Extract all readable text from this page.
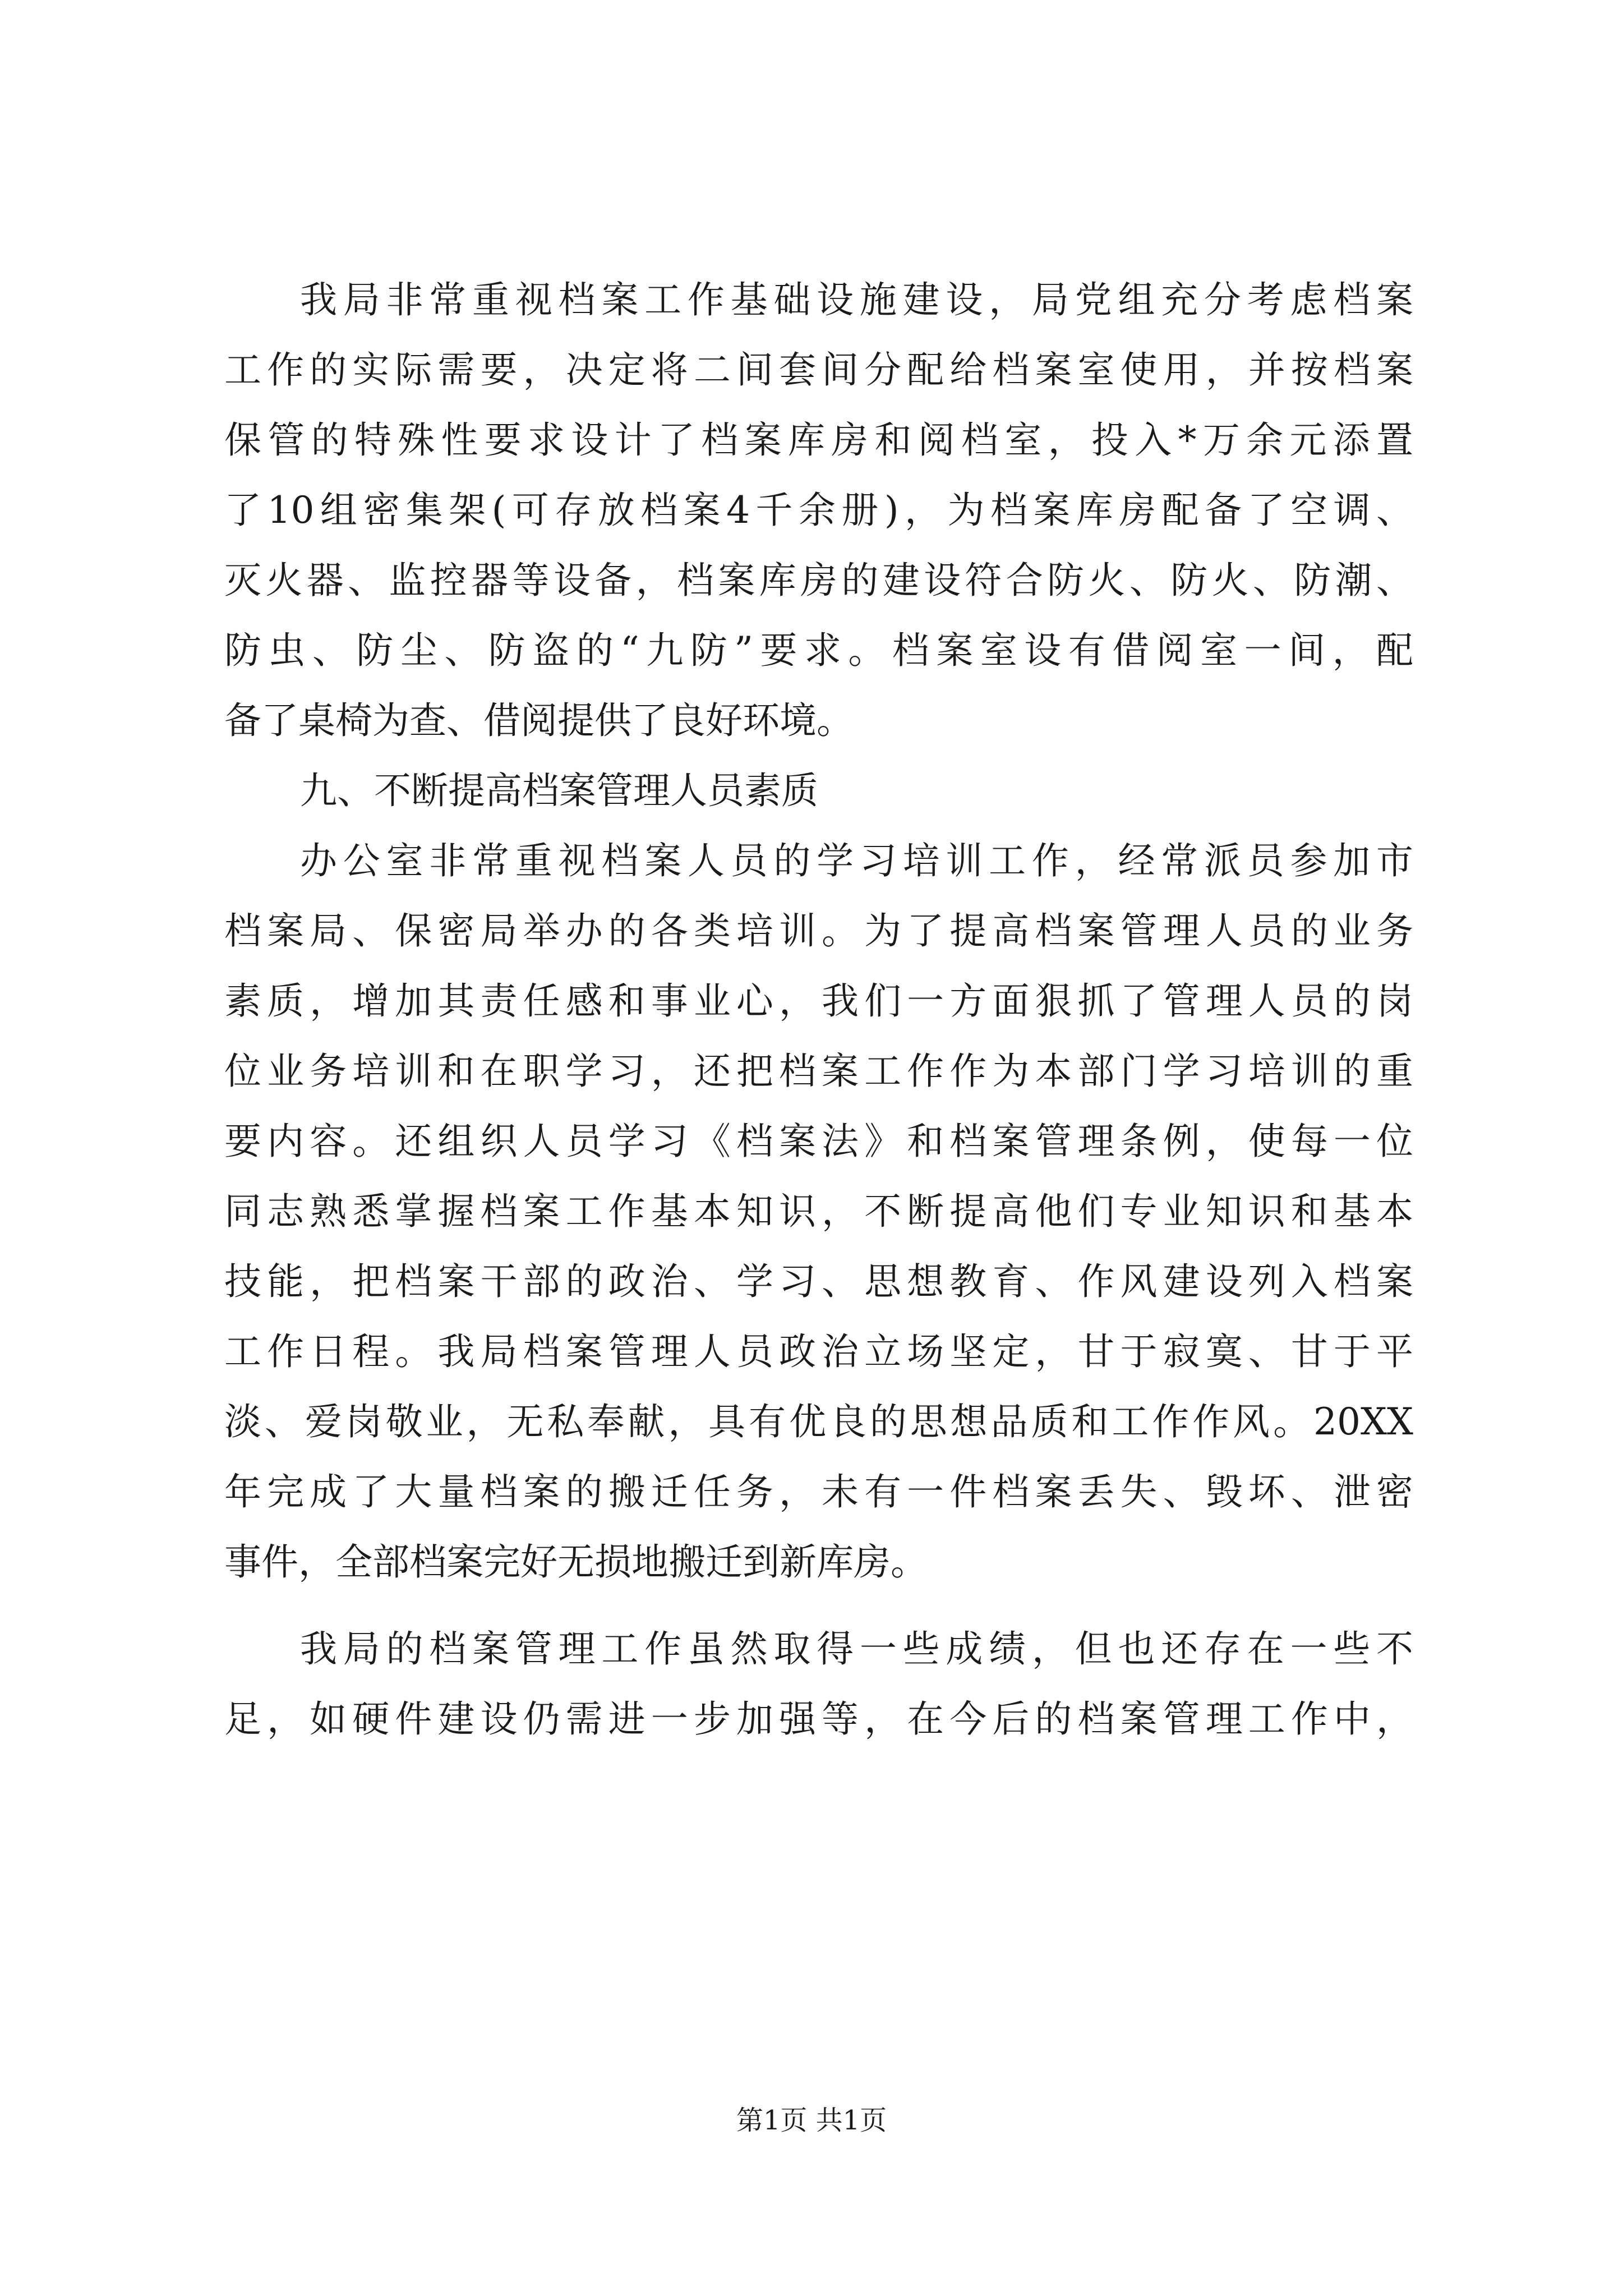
我局非常重视档案工作基础设施建设，局党组充分考虑档案
工作的实际需要，决定将二间套间分配给档案室使用，并按档案
保管的特殊性要求设计了档案库房和阅档室，投入*万余元添置
了10组密集架(可存放档案4千余册)，为档案库房配备了空调、
灭火器、监控器等设备，档案库房的建设符合防火、防火、防潮、
防虫、防尘、防盗的“九防”要求。档案室设有借阅室一间，配
备了桌椅为查、借阅提供了良好环境。
九、不断提高档案管理人员素质
办公室非常重视档案人员的学习培训工作，经常派员参加市
档案局、保密局举办的各类培训。为了提高档案管理人员的业务
素质，增加其责任感和事业心，我们一方面狠抓了管理人员的岗
位业务培训和在职学习，还把档案工作作为本部门学习培训的重
要内容。还组织人员学习《档案法》和档案管理条例，使每一位
同志熟悉掌握档案工作基本知识，不断提高他们专业知识和基本
技能，把档案干部的政治、学习、思想教育、作风建设列入档案
工作日程。我局档案管理人员政治立场坚定，甘于寂寞、甘于平
淡、爱岗敬业，无私奉献，具有优良的思想品质和工作作风。20XX
年完成了大量档案的搬迁任务，未有一件档案丢失、毁坏、泄密
事件，全部档案完好无损地搬迁到新库房。
我局的档案管理工作虽然取得一些成绩，但也还存在一些不
足，如硬件建设仍需进一步加强等，在今后的档案管理工作中，
第1页 共1页
